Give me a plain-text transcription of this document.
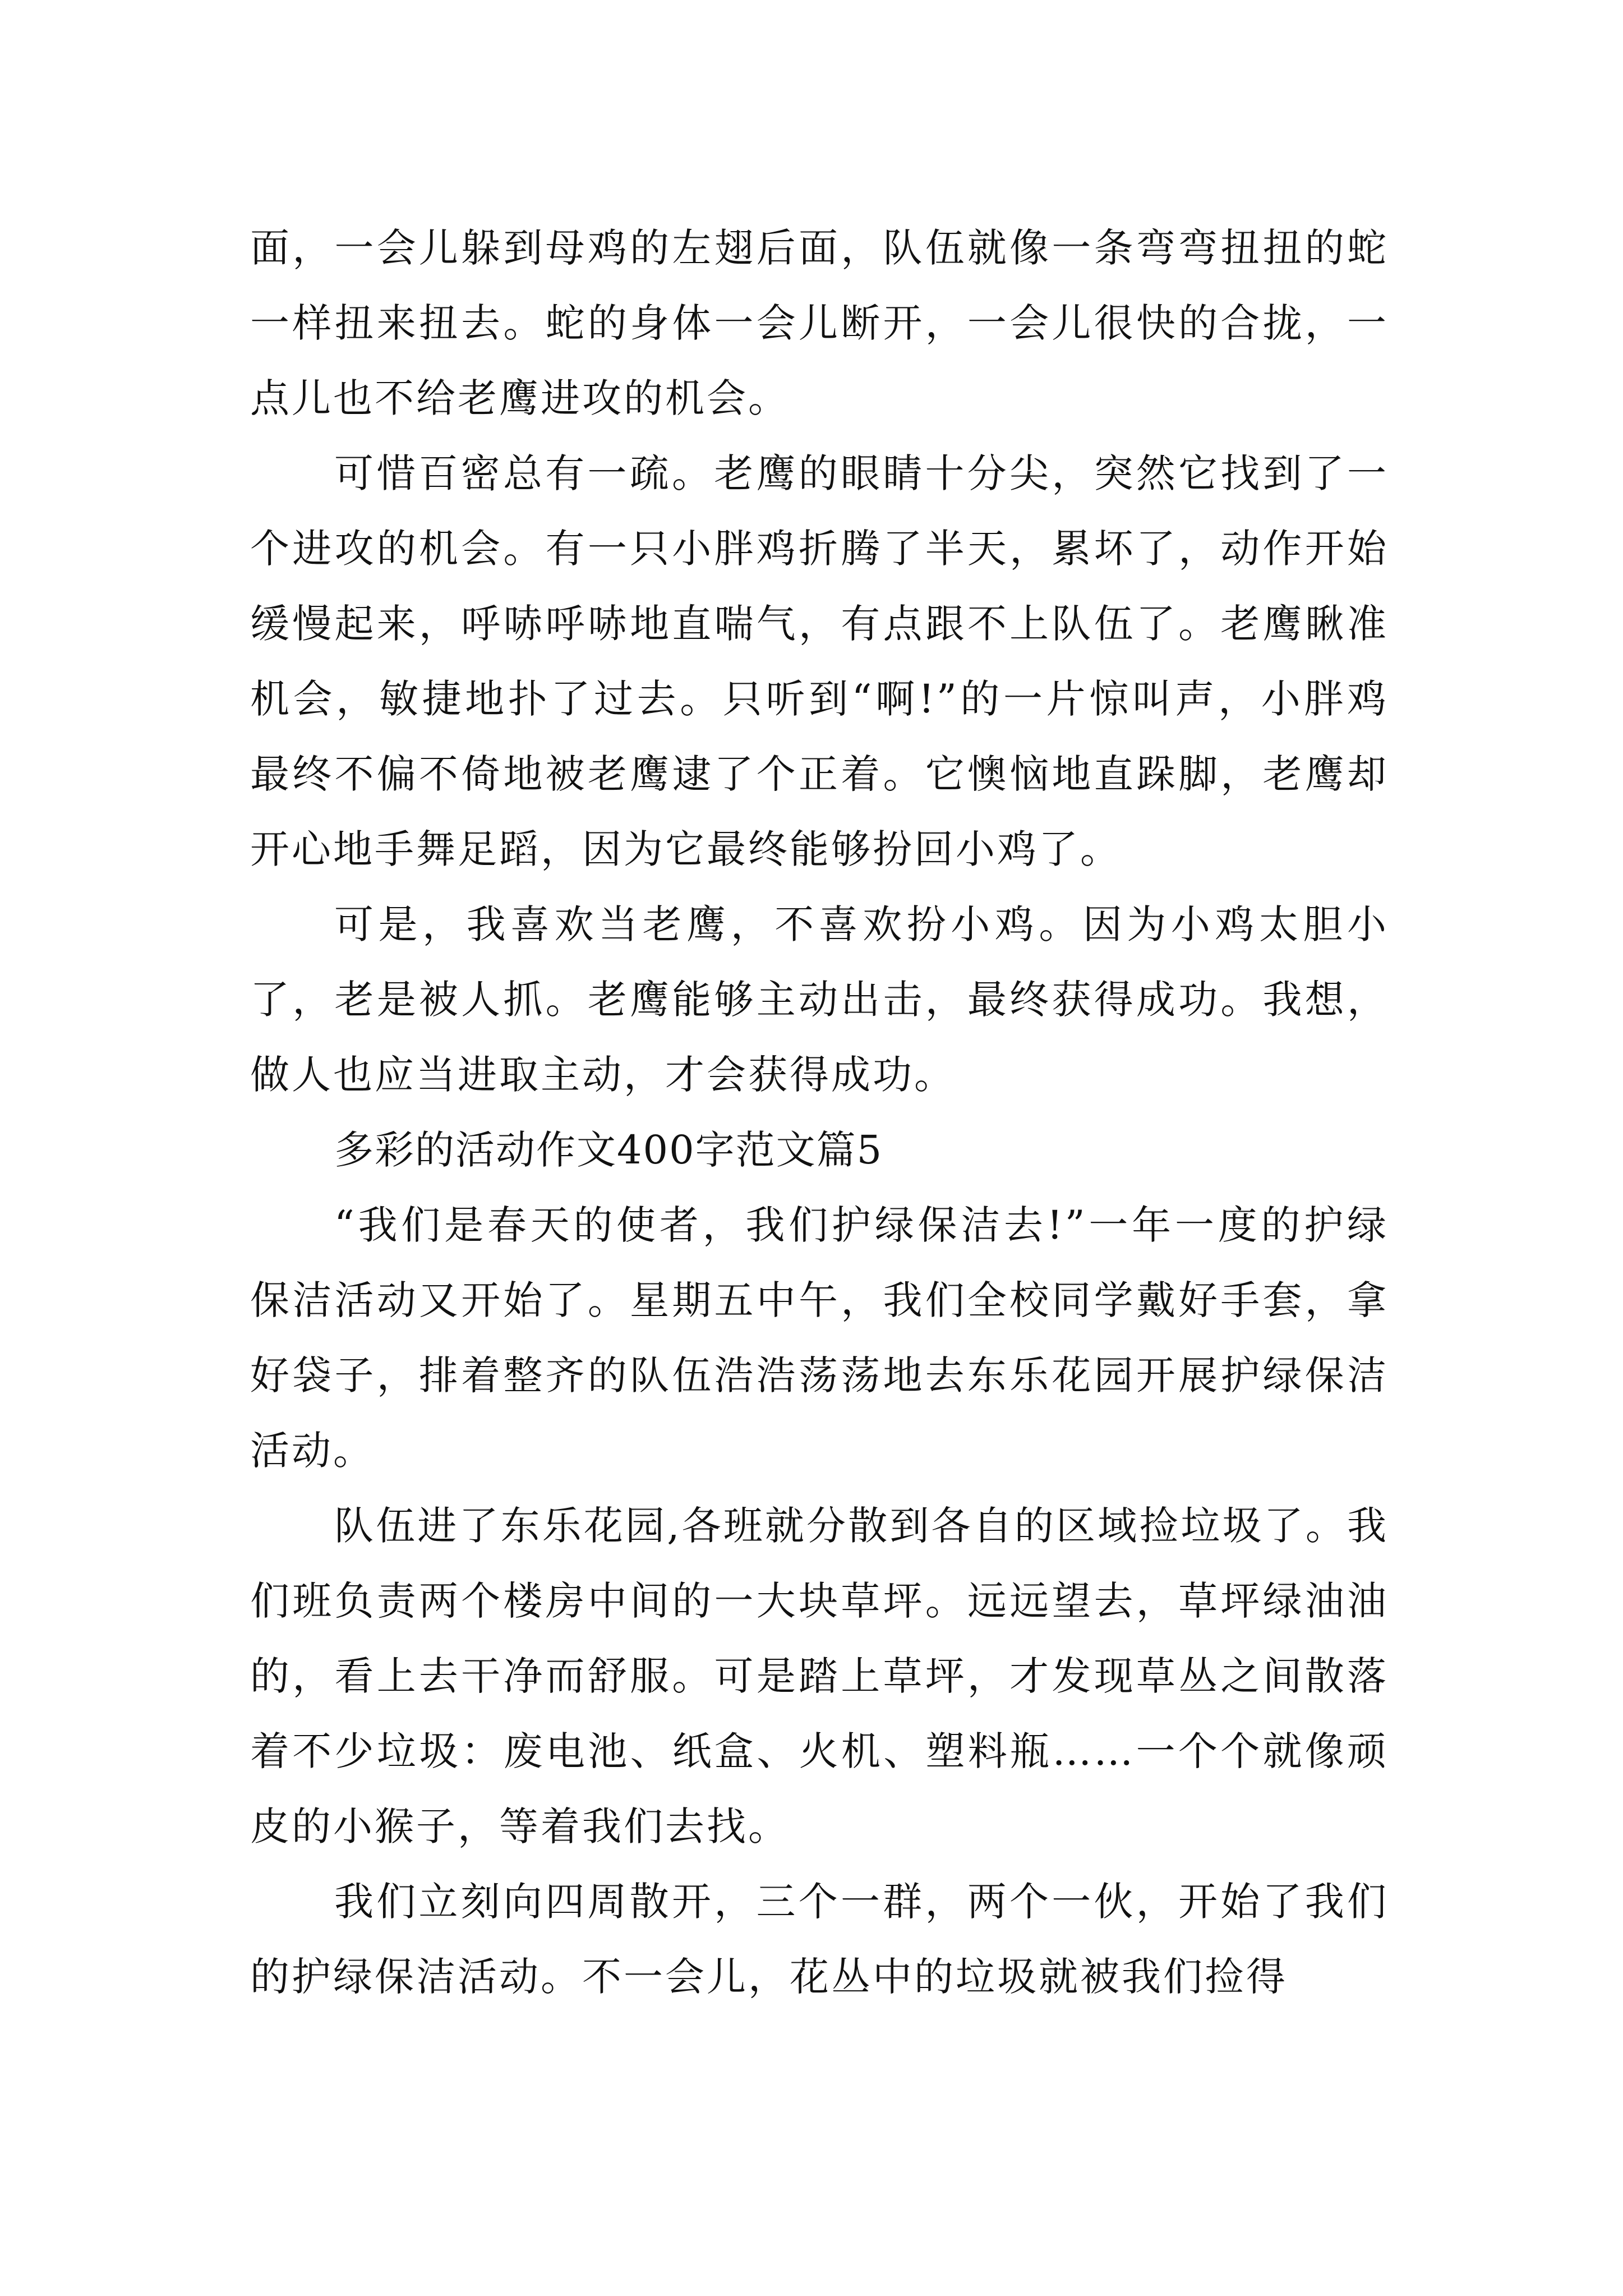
面，一会儿躲到母鸡的左翅后面，队伍就像一条弯弯扭扭的蛇一样扭来扭去。蛇的身体一会儿断开，一会儿很快的合拢，一点儿也不给老鹰进攻的机会。

可惜百密总有一疏。老鹰的眼睛十分尖，突然它找到了一个进攻的机会。有一只小胖鸡折腾了半天，累坏了，动作开始缓慢起来，呼哧呼哧地直喘气，有点跟不上队伍了。老鹰瞅准机会，敏捷地扑了过去。只听到“啊!”的一片惊叫声，小胖鸡最终不偏不倚地被老鹰逮了个正着。它懊恼地直跺脚，老鹰却开心地手舞足蹈，因为它最终能够扮回小鸡了。

可是，我喜欢当老鹰，不喜欢扮小鸡。因为小鸡太胆小了，老是被人抓。老鹰能够主动出击，最终获得成功。我想，做人也应当进取主动，才会获得成功。

多彩的活动作文400字范文篇5

“我们是春天的使者，我们护绿保洁去!”一年一度的护绿保洁活动又开始了。星期五中午，我们全校同学戴好手套，拿好袋子，排着整齐的队伍浩浩荡荡地去东乐花园开展护绿保洁活动。

队伍进了东乐花园,各班就分散到各自的区域捡垃圾了。我们班负责两个楼房中间的一大块草坪。远远望去，草坪绿油油的，看上去干净而舒服。可是踏上草坪，才发现草丛之间散落着不少垃圾：废电池、纸盒、火机、塑料瓶……一个个就像顽皮的小猴子，等着我们去找。

我们立刻向四周散开，三个一群，两个一伙，开始了我们的护绿保洁活动。不一会儿，花丛中的垃圾就被我们捡得
